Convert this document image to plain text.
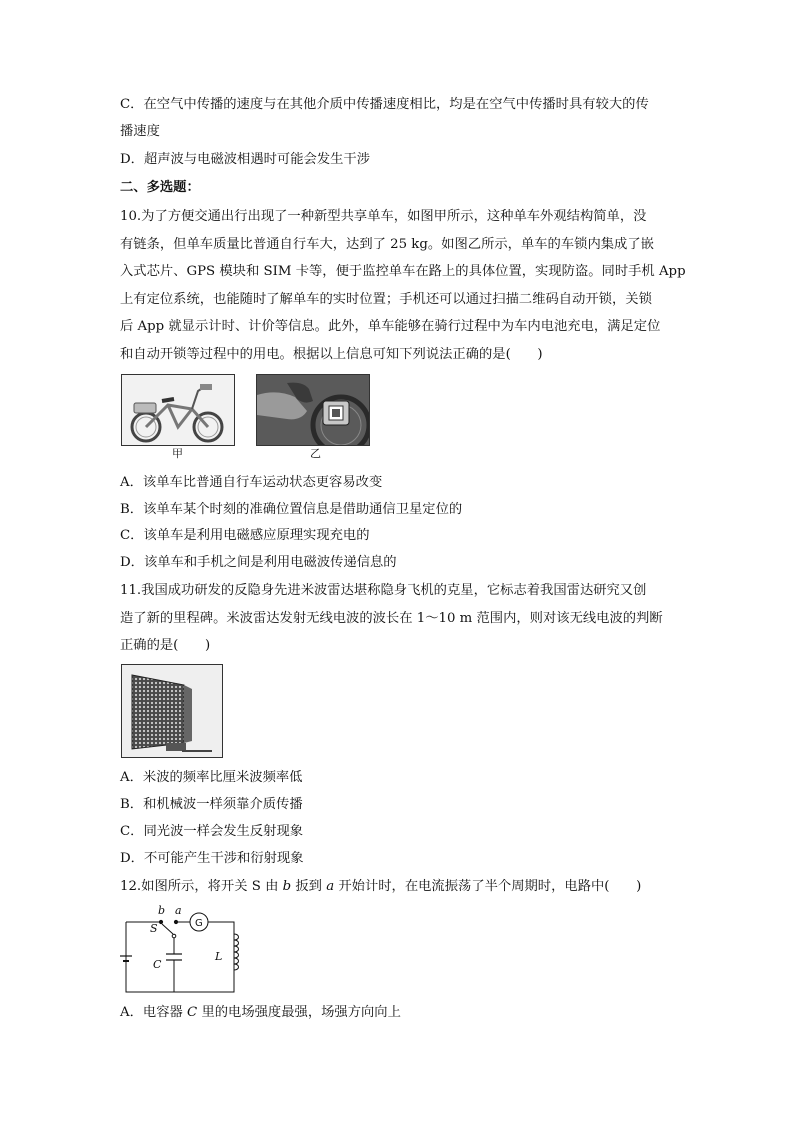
C．在空气中传播的速度与在其他介质中传播速度相比，均是在空气中传播时具有较大的传
播速度
D．超声波与电磁波相遇时可能会发生干涉
二、多选题：
10.为了方便交通出行出现了一种新型共享单车，如图甲所示，这种单车外观结构简单，没
有链条，但单车质量比普通自行车大，达到了 25 kg。如图乙所示，单车的车锁内集成了嵌
入式芯片、GPS 模块和 SIM 卡等，便于监控单车在路上的具体位置，实现防盗。同时手机 App
上有定位系统，也能随时了解单车的实时位置；手机还可以通过扫描二维码自动开锁，关锁
后 App 就显示计时、计价等信息。此外，单车能够在骑行过程中为车内电池充电，满足定位
和自动开锁等过程中的用电。根据以上信息可知下列说法正确的是(　　)
甲	乙
A．该单车比普通自行车运动状态更容易改变
B．该单车某个时刻的准确位置信息是借助通信卫星定位的
C．该单车是利用电磁感应原理实现充电的
D．该单车和手机之间是利用电磁波传递信息的
11.我国成功研发的反隐身先进米波雷达堪称隐身飞机的克星，它标志着我国雷达研究又创
造了新的里程碑。米波雷达发射无线电波的波长在 1～10 m 范围内，则对该无线电波的判断
正确的是(　　)
A．米波的频率比厘米波频率低
B．和机械波一样须靠介质传播
C．同光波一样会发生反射现象
D．不可能产生干涉和衍射现象
12.如图所示，将开关 S 由 b 扳到 a 开始计时，在电流振荡了半个周期时，电路中(　　)
b a
S
C
L
G
A．电容器 C 里的电场强度最强，场强方向向上
